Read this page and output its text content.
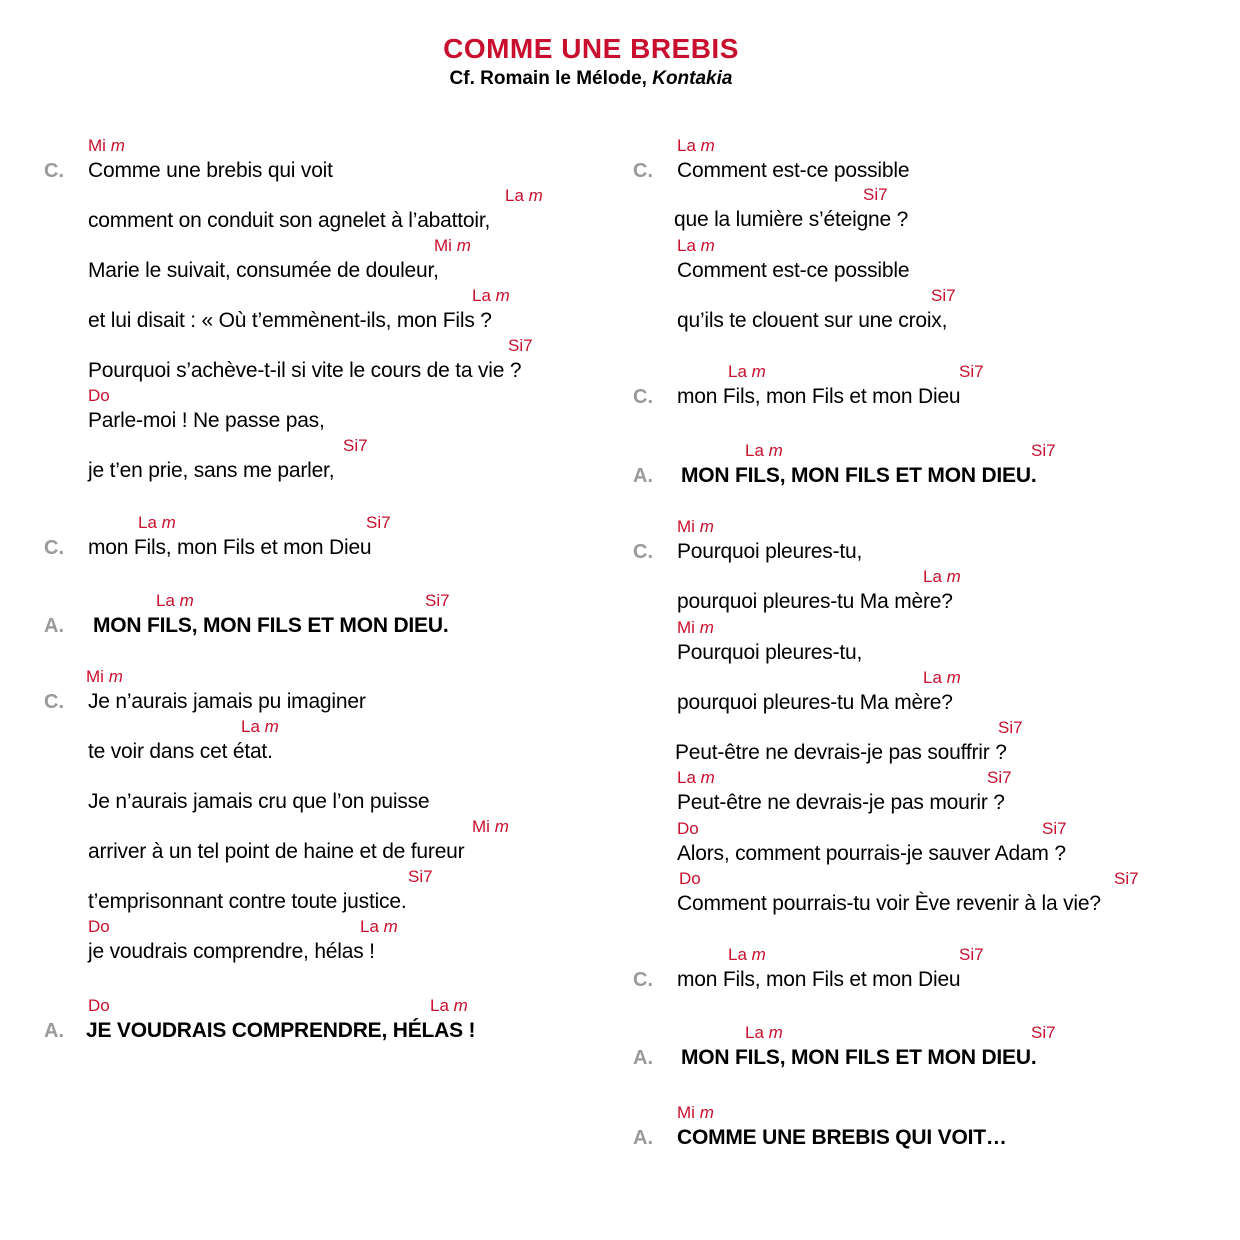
COMME UNE BREBIS
Cf. Romain le Mélode, Kontakia
C. Comme une brebis qui voit
Mi m
comment on conduit son agnelet à l’abattoir,
La m
Marie le suivait, consumée de douleur,
Mi m
et lui disait : « Où t’emmènent-ils, mon Fils ?
La m
Pourquoi s’achève-t-il si vite le cours de ta vie ?
Si7
Parle-moi ! Ne passe pas,
Do
je t’en prie, sans me parler,
Si7
C. mon Fils, mon Fils et mon Dieu
La m	Si7
A. MON FILS, MON FILS ET MON DIEU.
La m	Si7
C. Je n’aurais jamais pu imaginer
Mi m
te voir dans cet état.
La m
Je n’aurais jamais cru que l’on puisse
arriver à un tel point de haine et de fureur
Mi m
t’emprisonnant contre toute justice.
Si7
je voudrais comprendre, hélas !
Do	La m
A. JE VOUDRAIS COMPRENDRE, HÉLAS !
Do	La m
C. Comment est-ce possible
La m
que la lumière s’éteigne ?
Si7
Comment est-ce possible
La m
qu’ils te clouent sur une croix,
Si7
C. mon Fils, mon Fils et mon Dieu
La m	Si7
A. MON FILS, MON FILS ET MON DIEU.
La m	Si7
C. Pourquoi pleures-tu,
Mi m
pourquoi pleures-tu Ma mère?
La m
Pourquoi pleures-tu,
Mi m
pourquoi pleures-tu Ma mère?
La m
Peut-être ne devrais-je pas souffrir ?
Si7
Peut-être ne devrais-je pas mourir ?
La m	Si7
Alors, comment pourrais-je sauver Adam ?
Do	Si7
Comment pourrais-tu voir Ève revenir à la vie?
Do	Si7
C. mon Fils, mon Fils et mon Dieu
La m	Si7
A. MON FILS, MON FILS ET MON DIEU.
La m	Si7
A. COMME UNE BREBIS QUI VOIT…
Mi m
